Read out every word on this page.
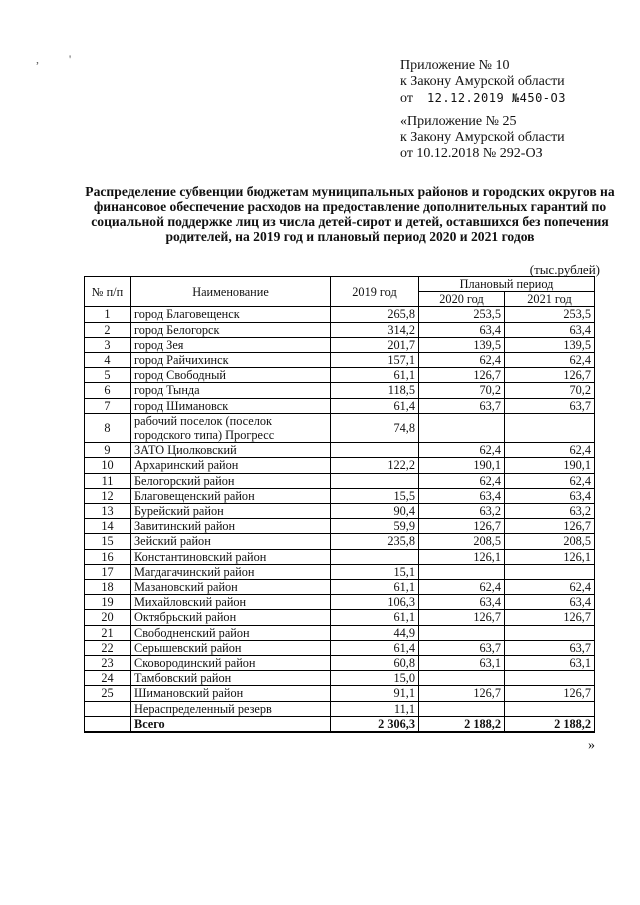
,          '	Приложение № 10
к Закону Амурской области
от 12.12.2019 №450-ОЗ
«Приложение № 25
к Закону Амурской области
от 10.12.2018 № 292-ОЗ
Распределение субвенции бюджетам муниципальных районов и городских округов на финансовое обеспечение расходов на предоставление дополнительных гарантий по социальной поддержке лиц из числа детей-сирот и детей, оставшихся без попечения родителей, на 2019 год и плановый период 2020 и 2021 годов
(тыс.рублей)
№ п/п	Наименование	2019 год	Плановый период	
			2020 год	2021 год
1	город Благовещенск	265,8	253,5	253,5
2	город Белогорск	314,2	63,4	63,4
3	город Зея	201,7	139,5	139,5
4	город Райчихинск	157,1	62,4	62,4
5	город Свободный	61,1	126,7	126,7
6	город Тында	118,5	70,2	70,2
7	город Шимановск	61,4	63,7	63,7
8	рабочий поселок (поселок городского типа) Прогресс	74,8		
9	ЗАТО Циолковский		62,4	62,4
10	Архаринский район	122,2	190,1	190,1
11	Белогорский район		62,4	62,4
12	Благовещенский район	15,5	63,4	63,4
13	Бурейский район	90,4	63,2	63,2
14	Завитинский район	59,9	126,7	126,7
15	Зейский район	235,8	208,5	208,5
16	Константиновский район		126,1	126,1
17	Магдагачинский район	15,1		
18	Мазановский район	61,1	62,4	62,4
19	Михайловский район	106,3	63,4	63,4
20	Октябрьский район	61,1	126,7	126,7
21	Свободненский район	44,9		
22	Серышевский район	61,4	63,7	63,7
23	Сковородинский район	60,8	63,1	63,1
24	Тамбовский район	15,0		
25	Шимановский район	91,1	126,7	126,7
	Нераспределенный резерв	11,1		
	Всего	2 306,3	2 188,2	2 188,2
»
